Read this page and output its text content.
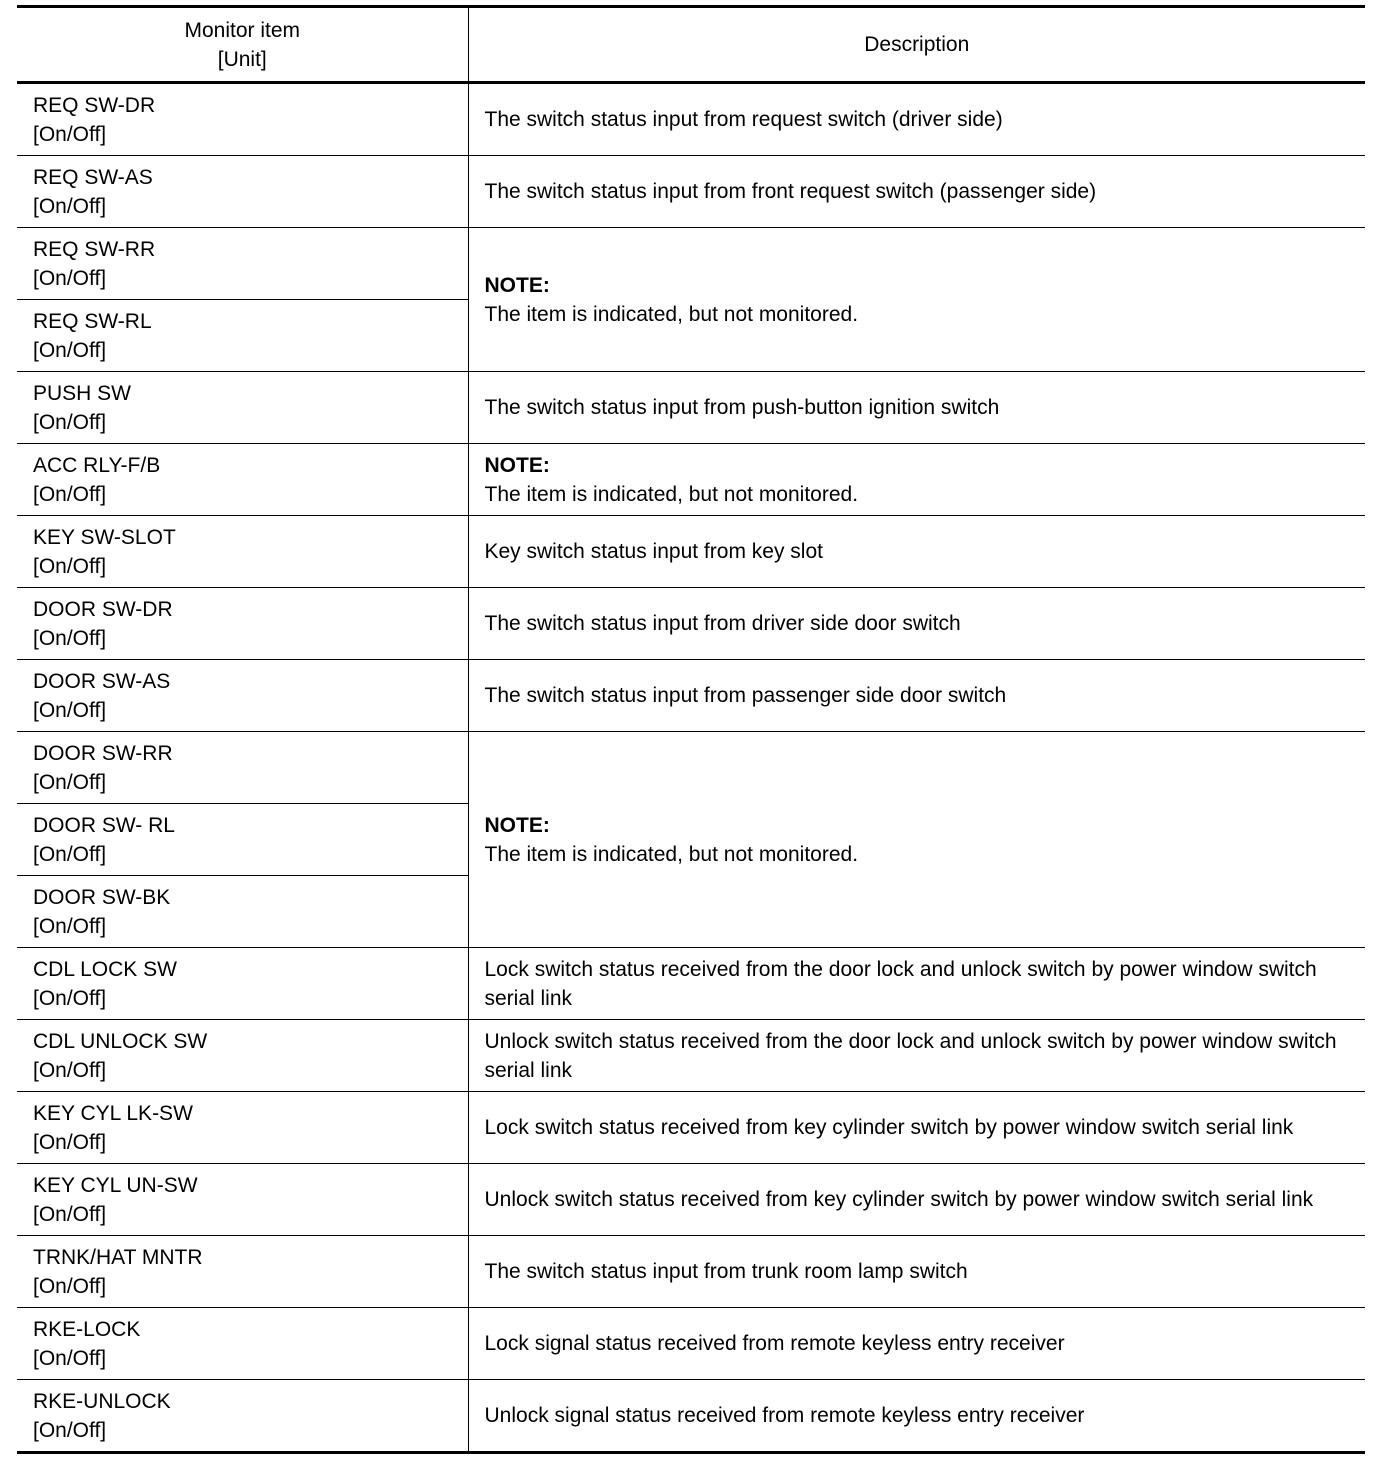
Monitor item
[Unit]	Description

REQ SW-DR
[On/Off]	The switch status input from request switch (driver side)

REQ SW-AS
[On/Off]	The switch status input from front request switch (passenger side)

REQ SW-RR
[On/Off]	NOTE:
The item is indicated, but not monitored.

REQ SW-RL
[On/Off]	

PUSH SW
[On/Off]	The switch status input from push-button ignition switch

ACC RLY-F/B
[On/Off]	NOTE:
The item is indicated, but not monitored.

KEY SW-SLOT
[On/Off]	Key switch status input from key slot

DOOR SW-DR
[On/Off]	The switch status input from driver side door switch

DOOR SW-AS
[On/Off]	The switch status input from passenger side door switch

DOOR SW-RR
[On/Off]	NOTE:
The item is indicated, but not monitored.

DOOR SW- RL
[On/Off]	

DOOR SW-BK
[On/Off]	

CDL LOCK SW
[On/Off]	Lock switch status received from the door lock and unlock switch by power window switch serial link

CDL UNLOCK SW
[On/Off]	Unlock switch status received from the door lock and unlock switch by power window switch serial link

KEY CYL LK-SW
[On/Off]	Lock switch status received from key cylinder switch by power window switch serial link

KEY CYL UN-SW
[On/Off]	Unlock switch status received from key cylinder switch by power window switch serial link

TRNK/HAT MNTR
[On/Off]	The switch status input from trunk room lamp switch

RKE-LOCK
[On/Off]	Lock signal status received from remote keyless entry receiver

RKE-UNLOCK
[On/Off]	Unlock signal status received from remote keyless entry receiver
